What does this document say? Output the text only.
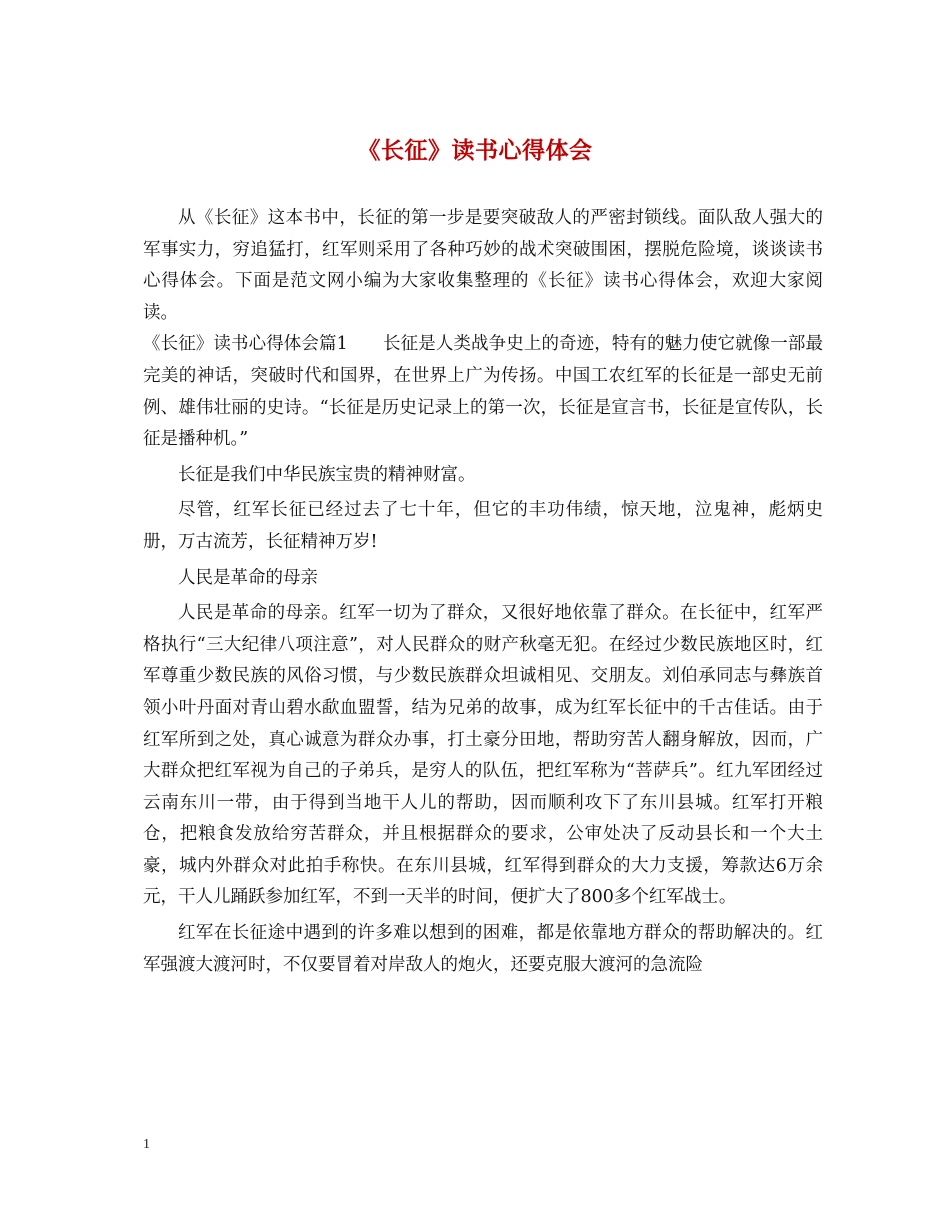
《长征》读书心得体会

从《长征》这本书中，长征的第一步是要突破敌人的严密封锁线。面队敌人强大的军事实力，穷追猛打，红军则采用了各种巧妙的战术突破围困，摆脱危险境，谈谈读书心得体会。下面是范文网小编为大家收集整理的《长征》读书心得体会，欢迎大家阅读。

《长征》读书心得体会篇1　　长征是人类战争史上的奇迹，特有的魅力使它就像一部最完美的神话，突破时代和国界，在世界上广为传扬。中国工农红军的长征是一部史无前例、雄伟壮丽的史诗。“长征是历史记录上的第一次，长征是宣言书，长征是宣传队，长征是播种机。”

长征是我们中华民族宝贵的精神财富。

尽管，红军长征已经过去了七十年，但它的丰功伟绩，惊天地，泣鬼神，彪炳史册，万古流芳，长征精神万岁!

人民是革命的母亲

人民是革命的母亲。红军一切为了群众，又很好地依靠了群众。在长征中，红军严格执行“三大纪律八项注意”，对人民群众的财产秋毫无犯。在经过少数民族地区时，红军尊重少数民族的风俗习惯，与少数民族群众坦诚相见、交朋友。刘伯承同志与彝族首领小叶丹面对青山碧水歃血盟誓，结为兄弟的故事，成为红军长征中的千古佳话。由于红军所到之处，真心诚意为群众办事，打土豪分田地，帮助穷苦人翻身解放，因而，广大群众把红军视为自己的子弟兵，是穷人的队伍，把红军称为“菩萨兵”。红九军团经过云南东川一带，由于得到当地干人儿的帮助，因而顺利攻下了东川县城。红军打开粮仓，把粮食发放给穷苦群众，并且根据群众的要求，公审处决了反动县长和一个大土豪，城内外群众对此拍手称快。在东川县城，红军得到群众的大力支援，筹款达6万余元，干人儿踊跃参加红军，不到一天半的时间，便扩大了800多个红军战士。

红军在长征途中遇到的许多难以想到的困难，都是依靠地方群众的帮助解决的。红军强渡大渡河时，不仅要冒着对岸敌人的炮火，还要克服大渡河的急流险

1
